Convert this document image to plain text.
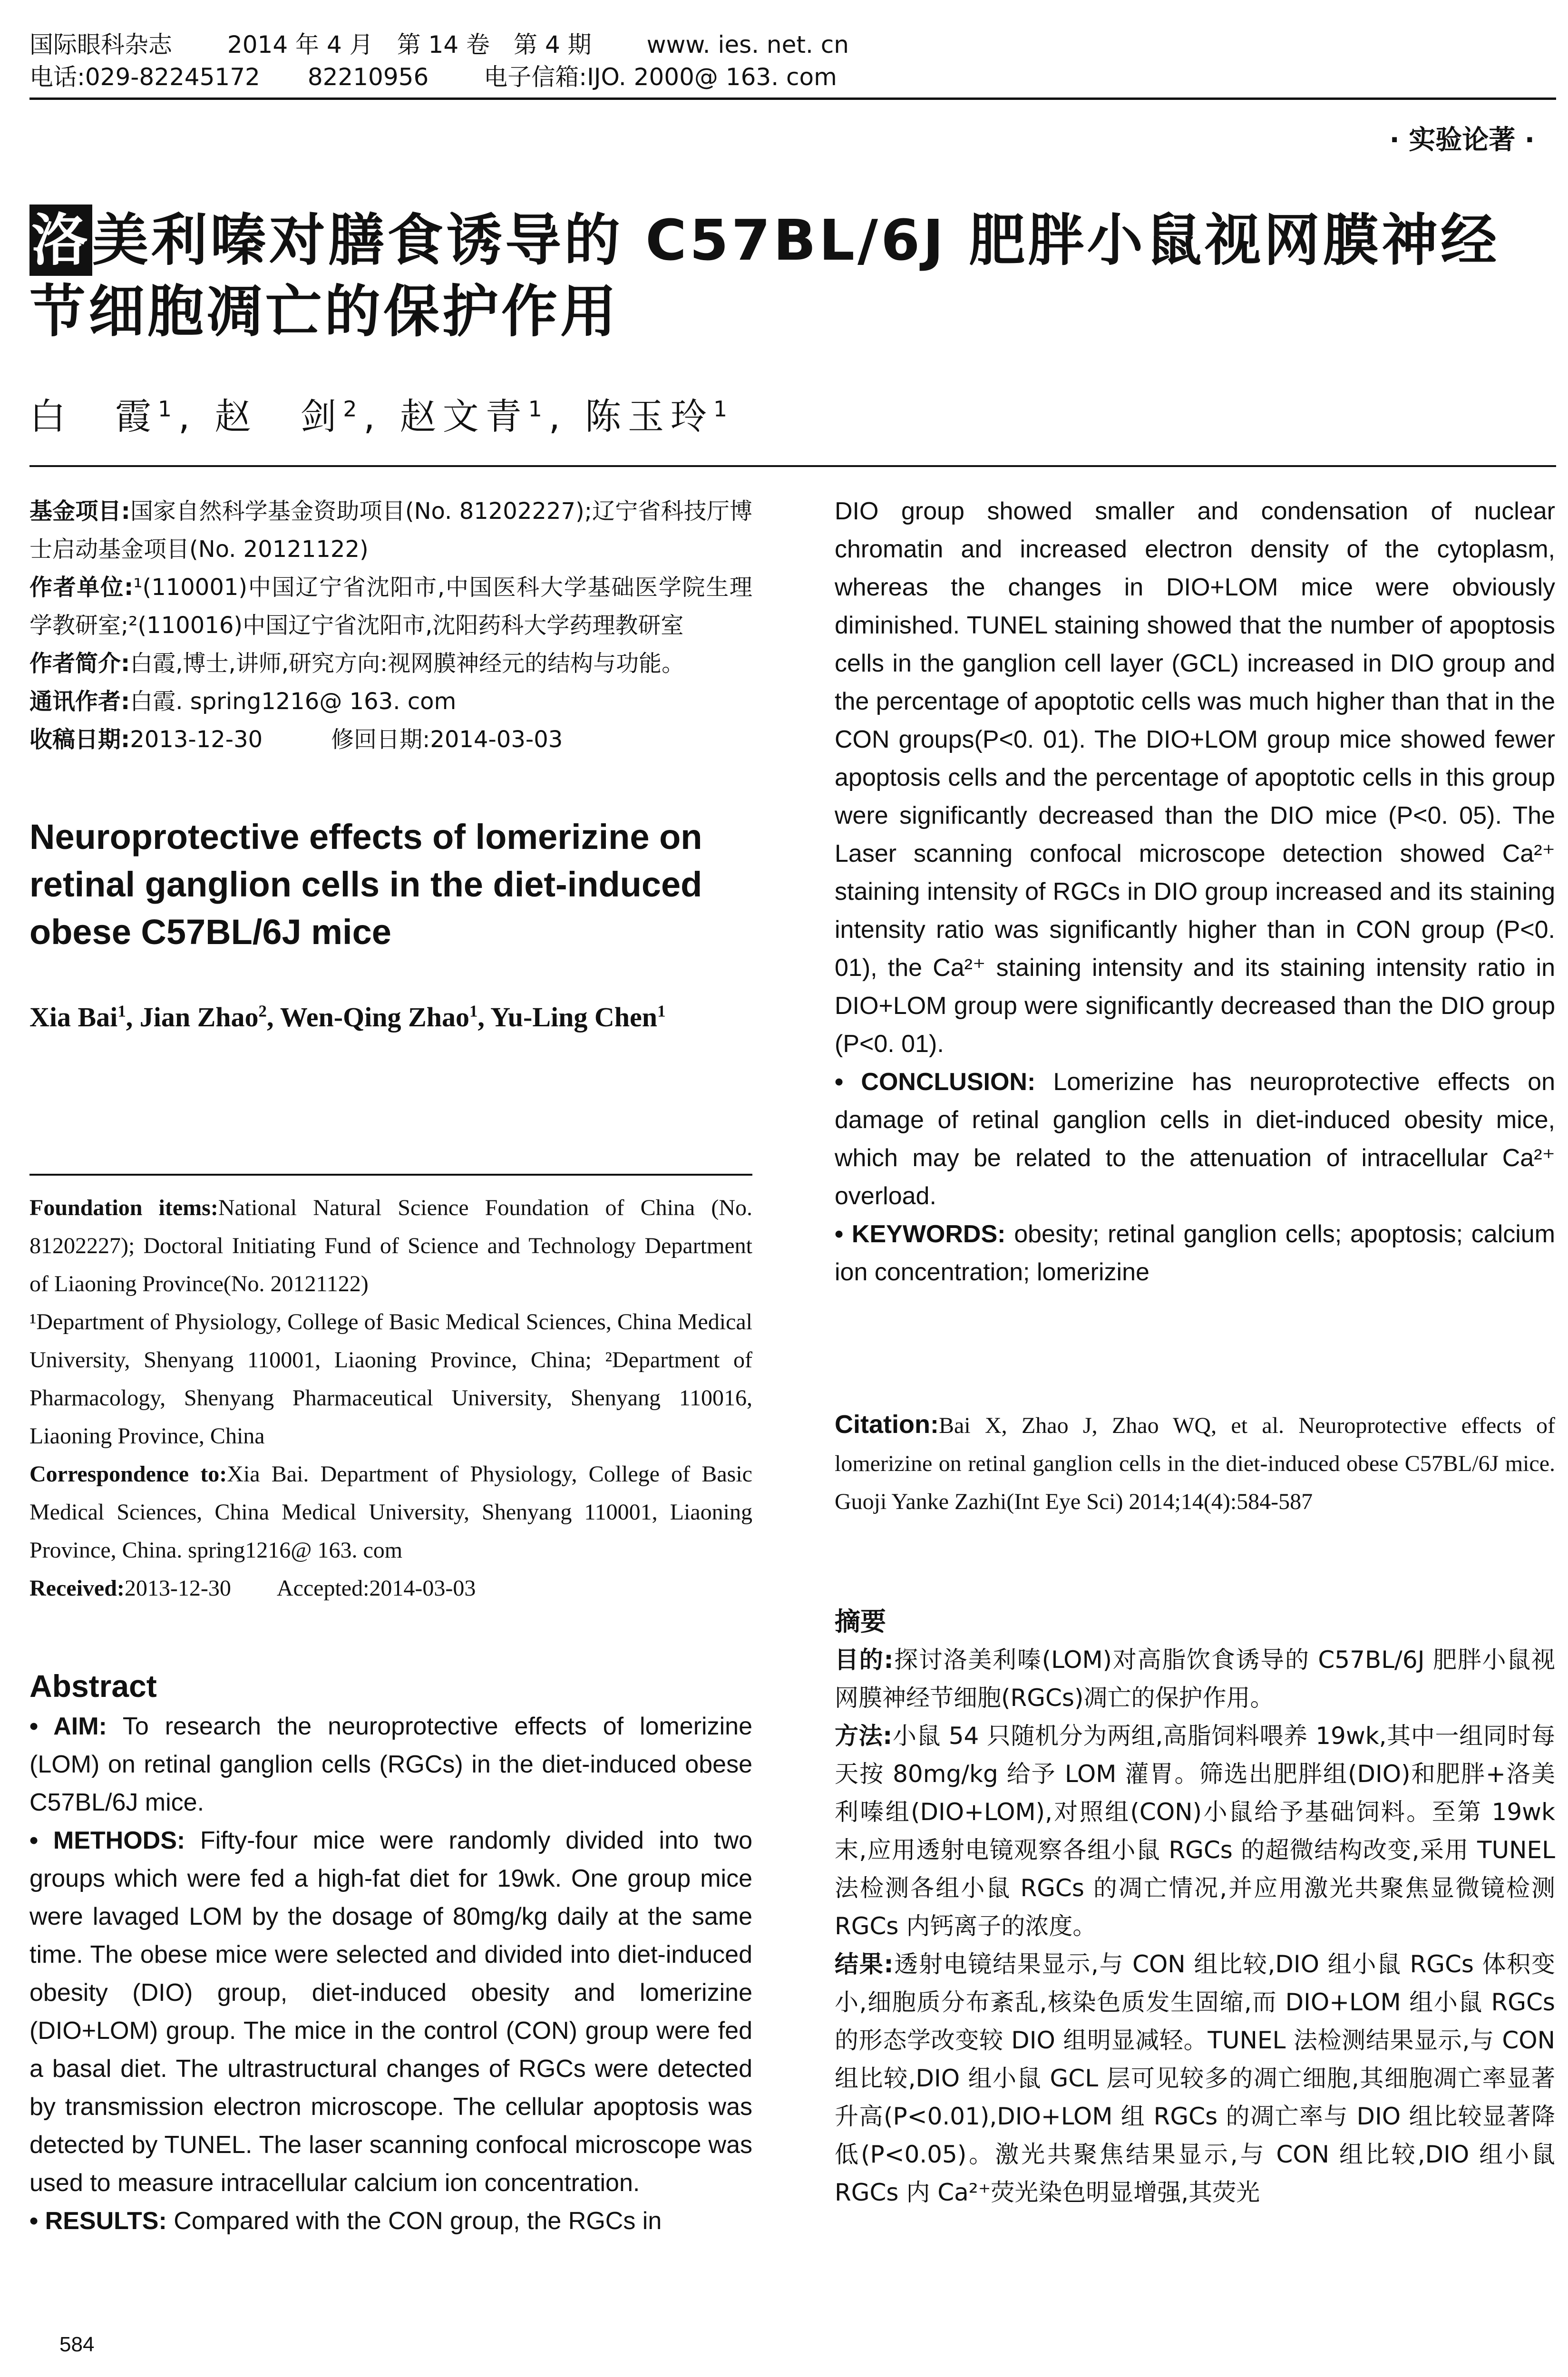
国际眼科杂志　　 2014 年 4 月　第 14 卷　第 4 期　　 www. ies. net. cn
电话:029-82245172　　82210956　　 电子信箱:IJO. 2000@ 163. com
· 实验论著 ·
洛美利嗪对膳食诱导的 C57BL/6J 肥胖小鼠视网膜神经节细胞凋亡的保护作用
白　霞$^1$, 赵　剑$^2$, 赵文青$^1$, 陈玉玲$^1$

基金项目:国家自然科学基金资助项目(No. 81202227);辽宁省科技厅博士启动基金项目(No. 20121122)

作者单位:¹(110001)中国辽宁省沈阳市,中国医科大学基础医学院生理学教研室;²(110016)中国辽宁省沈阳市,沈阳药科大学药理教研室

作者简介:白霞,博士,讲师,研究方向:视网膜神经元的结构与功能。

通讯作者:白霞. spring1216@ 163. com

收稿日期:2013-12-30　　　修回日期:2014-03-03

Neuroprotective effects of lomerizine on retinal ganglion cells in the diet-induced obese C57BL/6J mice
Xia Bai$^1$, Jian Zhao$^2$, Wen-Qing Zhao$^1$, Yu-Ling Chen$^1$

Foundation items:National Natural Science Foundation of China (No. 81202227); Doctoral Initiating Fund of Science and Technology Department of Liaoning Province(No. 20121122)

¹Department of Physiology, College of Basic Medical Sciences, China Medical University, Shenyang 110001, Liaoning Province, China; ²Department of Pharmacology, Shenyang Pharmaceutical University, Shenyang 110016, Liaoning Province, China

Correspondence to:Xia Bai. Department of Physiology, College of Basic Medical Sciences, China Medical University, Shenyang 110001, Liaoning Province, China. spring1216@ 163. com

Received:2013-12-30　　Accepted:2014-03-03

Abstract

• AIM: To research the neuroprotective effects of lomerizine (LOM) on retinal ganglion cells (RGCs) in the diet-induced obese C57BL/6J mice.

• METHODS: Fifty-four mice were randomly divided into two groups which were fed a high-fat diet for 19wk. One group mice were lavaged LOM by the dosage of 80mg/kg daily at the same time. The obese mice were selected and divided into diet-induced obesity (DIO) group, diet-induced obesity and lomerizine (DIO+LOM) group. The mice in the control (CON) group were fed a basal diet. The ultrastructural changes of RGCs were detected by transmission electron microscope. The cellular apoptosis was detected by TUNEL. The laser scanning confocal microscope was used to measure intracellular calcium ion concentration.

• RESULTS: Compared with the CON group, the RGCs in

584

DIO group showed smaller and condensation of nuclear chromatin and increased electron density of the cytoplasm, whereas the changes in DIO+LOM mice were obviously diminished. TUNEL staining showed that the number of apoptosis cells in the ganglion cell layer (GCL) increased in DIO group and the percentage of apoptotic cells was much higher than that in the CON groups(P<0. 01). The DIO+LOM group mice showed fewer apoptosis cells and the percentage of apoptotic cells in this group were significantly decreased than the DIO mice (P<0. 05). The Laser scanning confocal microscope detection showed Ca²⁺ staining intensity of RGCs in DIO group increased and its staining intensity ratio was significantly higher than in CON group (P<0. 01), the Ca²⁺ staining intensity and its staining intensity ratio in DIO+LOM group were significantly decreased than the DIO group (P<0. 01).

• CONCLUSION: Lomerizine has neuroprotective effects on damage of retinal ganglion cells in diet-induced obesity mice, which may be related to the attenuation of intracellular Ca²⁺ overload.

• KEYWORDS: obesity; retinal ganglion cells; apoptosis; calcium ion concentration; lomerizine

Citation:Bai X, Zhao J, Zhao WQ, et al. Neuroprotective effects of lomerizine on retinal ganglion cells in the diet-induced obese C57BL/6J mice. Guoji Yanke Zazhi(Int Eye Sci) 2014;14(4):584-587

摘要

目的:探讨洛美利嗪(LOM)对高脂饮食诱导的 C57BL/6J 肥胖小鼠视网膜神经节细胞(RGCs)凋亡的保护作用。

方法:小鼠 54 只随机分为两组,高脂饲料喂养 19wk,其中一组同时每天按 80mg/kg 给予 LOM 灌胃。筛选出肥胖组(DIO)和肥胖+洛美利嗪组(DIO+LOM),对照组(CON)小鼠给予基础饲料。至第 19wk 末,应用透射电镜观察各组小鼠 RGCs 的超微结构改变,采用 TUNEL 法检测各组小鼠 RGCs 的凋亡情况,并应用激光共聚焦显微镜检测 RGCs 内钙离子的浓度。

结果:透射电镜结果显示,与 CON 组比较,DIO 组小鼠 RGCs 体积变小,细胞质分布紊乱,核染色质发生固缩,而 DIO+LOM 组小鼠 RGCs 的形态学改变较 DIO 组明显减轻。TUNEL 法检测结果显示,与 CON 组比较,DIO 组小鼠 GCL 层可见较多的凋亡细胞,其细胞凋亡率显著升高(P<0.01),DIO+LOM 组 RGCs 的凋亡率与 DIO 组比较显著降低(P<0.05)。激光共聚焦结果显示,与 CON 组比较,DIO 组小鼠 RGCs 内 Ca²⁺荧光染色明显增强,其荧光
